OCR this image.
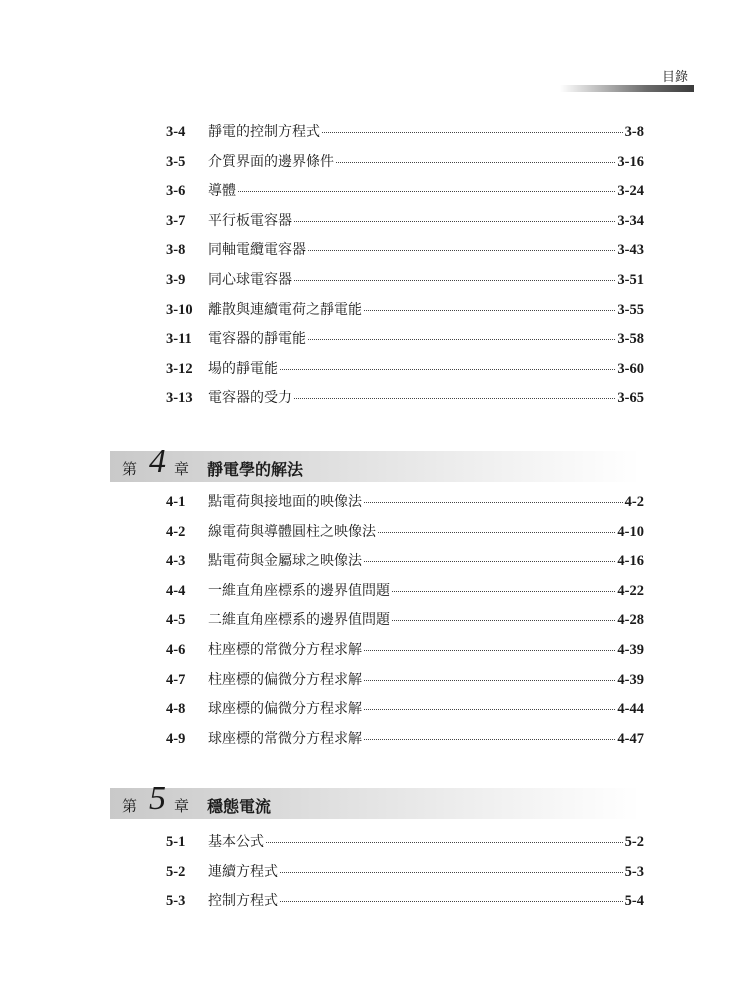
目錄
3-4	靜電的控制方程式	3-8
3-5	介質界面的邊界條件	3-16
3-6	導體	3-24
3-7	平行板電容器	3-34
3-8	同軸電纜電容器	3-43
3-9	同心球電容器	3-51
3-10	離散與連續電荷之靜電能	3-55
3-11	電容器的靜電能	3-58
3-12	場的靜電能	3-60
3-13	電容器的受力	3-65
第 4 章 靜電學的解法
4-1	點電荷與接地面的映像法	4-2
4-2	線電荷與導體圓柱之映像法	4-10
4-3	點電荷與金屬球之映像法	4-16
4-4	一維直角座標系的邊界值問題	4-22
4-5	二維直角座標系的邊界值問題	4-28
4-6	柱座標的常微分方程求解	4-39
4-7	柱座標的偏微分方程求解	4-39
4-8	球座標的偏微分方程求解	4-44
4-9	球座標的常微分方程求解	4-47
第 5 章 穩態電流
5-1	基本公式	5-2
5-2	連續方程式	5-3
5-3	控制方程式	5-4
